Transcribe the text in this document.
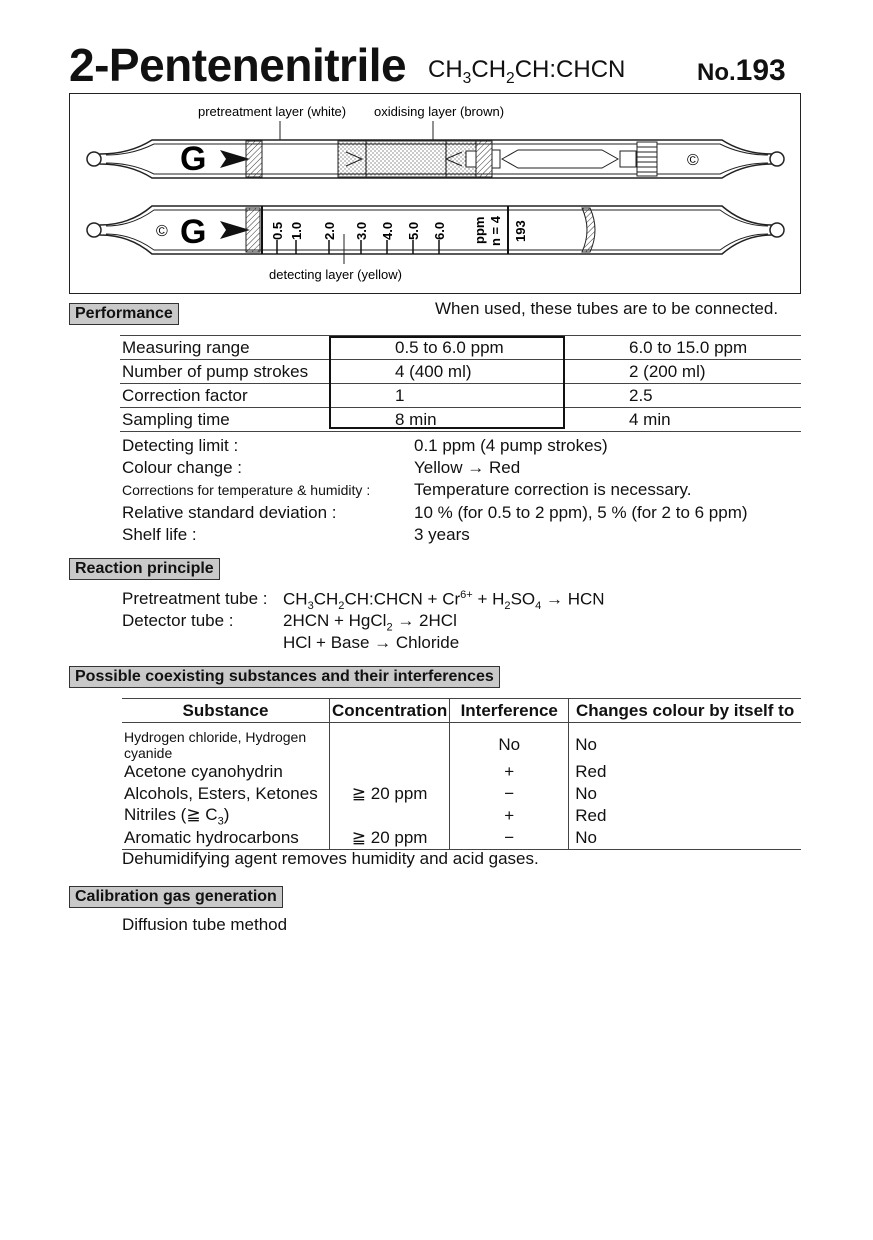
2-Pentenenitrile $CH_3CH_2CH:CHCN$	No.193
pretreatment layer (white) oxidising layer (brown)
G	©
© G	0.5 1.0 2.0 3.0 4.0 5.0 6.0 ppm n = 4 193
detecting layer (yellow)
Performance	When used, these tubes are to be connected.
Measuring range	0.5 to 6.0 ppm	6.0 to 15.0 ppm
Number of pump strokes	4 (400 ml)	2 (200 ml)
Correction factor	1	2.5
Sampling time	8 min	4 min
Detecting limit :	0.1 ppm (4 pump strokes)
Colour change :	Yellow → Red
Corrections for temperature & humidity :	Temperature correction is necessary.
Relative standard deviation :	10 % (for 0.5 to 2 ppm), 5 % (for 2 to 6 ppm)
Shelf life :	3 years
Reaction principle
Pretreatment tube : $CH_3CH_2CH:CHCN + Cr^{6+} + H_2SO_4$ → HCN
Detector tube :	2HCN + HgCl$_2$ → 2HCl
HCl + Base → Chloride
Possible coexisting substances and their interferences
Substance	Concentration	Interference	Changes colour by itself to
Hydrogen chloride, Hydrogen cyanide		No	No
Acetone cyanohydrin		+	Red
Alcohols, Esters, Ketones	≧ 20 ppm	−	No
Nitriles (≧ $C_3$)		+	Red
Aromatic hydrocarbons	≧ 20 ppm	−	No
Dehumidifying agent removes humidity and acid gases.
Calibration gas generation
Diffusion tube method
